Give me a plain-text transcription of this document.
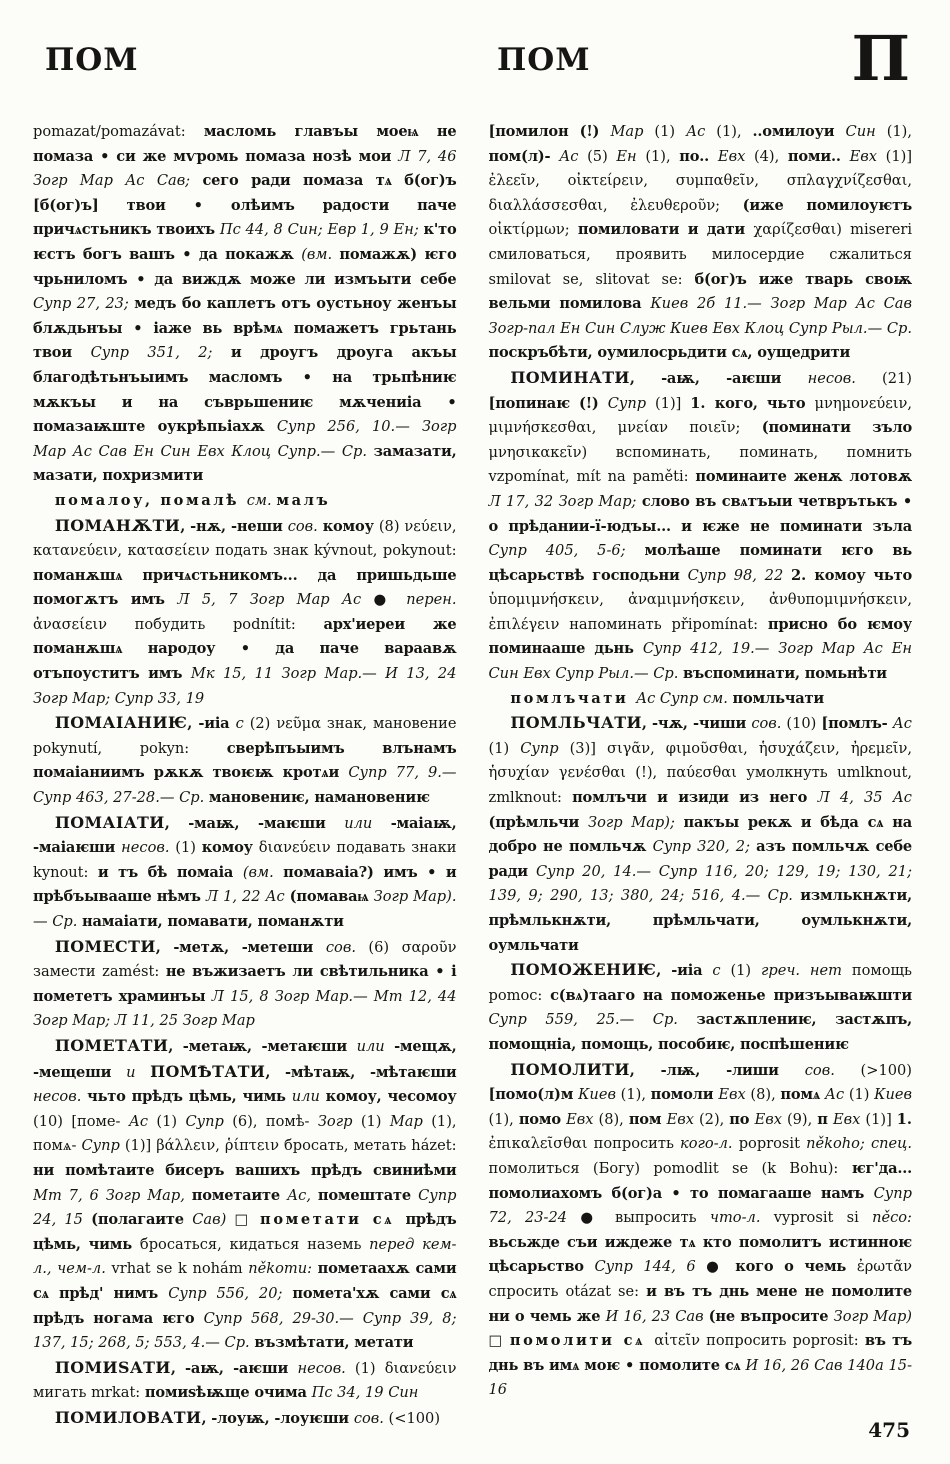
ПОМ	ПОМ	П

pomazat/pomazávat: масломь главъы моеѩ не помаза • си же мѵромь помаза нозѣ мои Л 7, 46 Зогр Мар Ас Сав; сего ради помаза тѧ б(ог)ъ [б(ог)ъ] твои • олѣимъ радости паче причѧстьникъ твоихъ Пс 44, 8 Син; Евр 1, 9 Ен; к'то ѥстъ богъ вашъ • да покажѫ (вм. помажѫ) ѥго чрьниломъ • да виждѫ може ли измъыти себе Супр 27, 23; медъ бо каплетъ отъ оустьноу женъы блѫдьнъы • іаже вь врѣмѧ помажетъ грьтань твои Супр 351, 2; и дроугъ дроуга акъы благодѣтьнъыимъ масломъ • на трьпѣниѥ мѫкъы и на съврьшениѥ мѫчениіа • помазаѭште оукрѣпьіахѫ Супр 256, 10.— Зогр Мар Ас Сав Ен Син Евх Клоц Супр.— Ср. замазати, мазати, похризмити

помалоу, помалѣ см. малъ

ПОМАНѪТИ, -нѫ, -неши сов. комоу (8) νεύειν, κατανεύειν, κατασείειν подать знак kývnout, pokynout: поманѫшѧ причѧстьникомъ... да пришьдьше помогѫтъ имъ Л 5, 7 Зогр Мар Ас ● перен. ἀνασείειν побудить podnítit: арх'иереи же поманѫшѧ народоу • да паче вараавѫ отъпоуститъ имъ Мк 15, 11 Зогр Мар.— И 13, 24 Зогр Мар; Супр 33, 19

ПОМАІАНИѤ, -иіа с (2) νεῦμα знак, мановение pokynutí, pokyn: сверѣпъыимъ влънамъ помаіаниимъ рѫкѫ твоѥѭ кротѧи Супр 77, 9.— Супр 463, 27-28.— Ср. мановениѥ, намановениѥ

ПОМАІАТИ, -маѭ, -маѥши или -маіаѭ, -маіаѥши несов. (1) комоу διανεύειν подавать знаки kynout: и тъ бѣ помаіа (вм. помаваіа?) имъ • и прѣбъывааше нѣмъ Л 1, 22 Ас (помаваѩ Зогр Мар).— Ср. намаіати, помавати, поманѫти

ПОМЕСТИ, -метѫ, -метеши сов. (6) σαροῦν замести zamést: не въжизаетъ ли свѣтильника • і помететъ храминъы Л 15, 8 Зогр Мар.— Мт 12, 44 Зогр Мар; Л 11, 25 Зогр Мар

ПОМЕТАТИ, -метаѭ, -метаѥши или -мещѫ, -мещеши и ПОМѢТАТИ, -мѣтаѭ, -мѣтаѥши несов. чьто прѣдъ цѣмь, чимь или комоу, чесомоу (10) [поме- Ас (1) Супр (6), помѣ- Зогр (1) Мар (1), помѧ- Супр (1)] βάλλειν, ῥίπτειν бросать, метать házet: ни помѣтаите бисеръ вашихъ прѣдъ свиниѣми Мт 7, 6 Зогр Мар, пометаите Ас, помештате Супр 24, 15 (полагаите Сав) □ пометати сѧ прѣдъ цѣмь, чимь бросаться, кидаться наземь перед кем-л., чем-л. vrhat se k nohám někomu: пометаахѫ сами сѧ прѣд' нимъ Супр 556, 20; помета'хѫ сами сѧ прѣдъ ногама ѥго Супр 568, 29-30.— Супр 39, 8; 137, 15; 268, 5; 553, 4.— Ср. възмѣтати, метати

ПОМИЅАТИ, -аѭ, -аѥши несов. (1) διανεύειν мигать mrkat: помиѕѣѭще очима Пс 34, 19 Син

ПОМИЛОВАТИ, -лоуѭ, -лоуѥши сов. (<100)

[помилон (!) Мар (1) Ас (1), ..омилоуи Син (1), пом(л)- Ас (5) Ен (1), по.. Евх (4), поми.. Евх (1)] ἐλεεῖν, οἰκτείρειν, συμπαθεῖν, σπλαγχνίζεσθαι, διαλλάσσεσθαι, ἐλευθεροῦν; (иже помилоуѥтъ οἰκτίρμων; помиловати и дати χαρίζεσθαι) misereri смиловаться, проявить милосердие сжалиться smilovat se, slitovat se: б(ог)ъ иже тварь своѭ вельми помилова Киев 2б 11.— Зогр Мар Ас Сав Зогр-пал Ен Син Служ Киев Евх Клоц Супр Рыл.— Ср. поскръбѣти, оумилосрьдити сѧ, оущедрити

ПОМИНАТИ, -аѭ, -аѥши несов. (21) [попинаѥ (!) Супр (1)] 1. кого, чьто μνημονεύειν, μιμνήσκεσθαι, μνείαν ποιεῖν; (поминати зъло μνησικακεῖν) вспоминать, поминать, помнить vzpomínat, mít na paměti: поминаите женѫ лотовѫ Л 17, 32 Зогр Мар; слово въ свѧтъыи четврътькъ • о прѣдании-ї-юдъы... и ѥже не поминати зъла Супр 405, 5-6; молѣаше поминати ѥго вь цѣсарьствѣ господьни Супр 98, 22 2. комоу чьто ὑπομιμνήσκειν, ἀναμιμνήσκειν, ἀνθυπομιμνήσκειν, ἐπιλέγειν напоминать připomínat: присно бо ѥмоу поминааше дьнь Супр 412, 19.— Зогр Мар Ас Ен Син Евх Супр Рыл.— Ср. въспоминати, помьнѣти

помлъчати Ас Супр см. помльчати

ПОМЛЬЧАТИ, -чѫ, -чиши сов. (10) [помлъ- Ас (1) Супр (3)] σιγᾶν, φιμοῦσθαι, ἡσυχάζειν, ἠρεμεῖν, ἡσυχίαν γενέσθαι (!), παύεσθαι умолкнуть umlknout, zmlknout: помлъчи и изиди из него Л 4, 35 Ас (прѣмльчи Зогр Мар); пакъы рекѫ и бѣда сѧ на добро не помльчѫ Супр 320, 2; азъ помльчѫ себе ради Супр 20, 14.— Супр 116, 20; 129, 19; 130, 21; 139, 9; 290, 13; 380, 24; 516, 4.— Ср. измлькнѫти, прѣмлькнѫти, прѣмльчати, оумлькнѫти, оумльчати

ПОМОЖЕНИѤ, -иіа с (1) греч. нет помощь pomoc: с(вѧ)тааго на поможенье призъываѭшти Супр 559, 25.— Ср. застѫплениѥ, застѫпъ, помощніа, помощь, пособиѥ, поспѣшениѥ

ПОМОЛИТИ, -лѭ, -лиши сов. (>100) [помо(л)м Киев (1), помоли Евх (8), помѧ Ас (1) Киев (1), помо Евх (8), пом Евх (2), по Евх (9), п Евх (1)] 1. ἐπικαλεῖσθαι попросить кого-л. poprosit někoho; спец. помолиться (Богу) pomodlit se (k Bohu): ѥг'да... помолиахомъ б(ог)а • то помагааше намъ Супр 72, 23-24 ● выпросить что-л. vyprosit si něco: вьсьжде съи иждеже тѧ кто помолитъ истинноѥ цѣсарьство Супр 144, 6 ● кого о чемь ἐρωτᾶν спросить otázat se: и въ тъ днь мене не помолите ни о чемь же И 16, 23 Сав (не въпросите Зогр Мар) □ помолити сѧ αἰτεῖν попросить poprosit: въ тъ днь въ имѧ моѥ • помолите сѧ И 16, 26 Сав 140а 15-16

475
